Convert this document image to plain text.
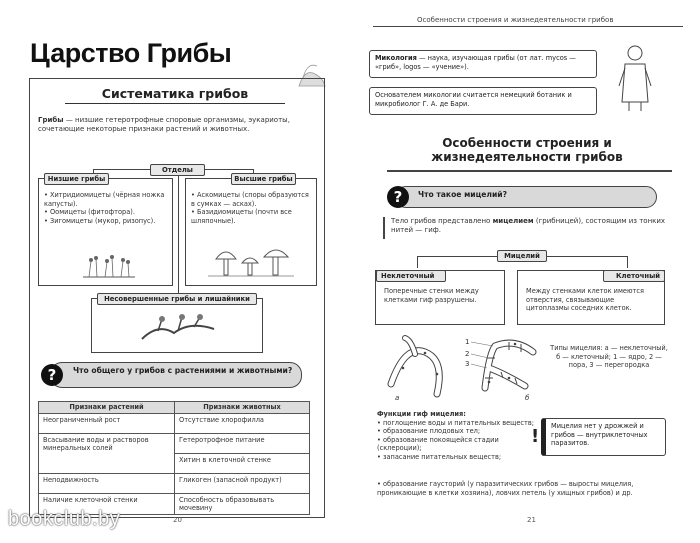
Царство Грибы
Систематика грибов
Грибы — низшие гетеротрофные споровые организмы, эукариоты, сочетающие некоторые признаки растений и животных.
Отделы
Низшие грибы
• Хитридиомицеты (чёрная ножка капусты).
• Оомицеты (фитофтора).
• Зигомицеты (мукор, ризопус).
Высшие грибы
• Аскомицеты (споры образуются в сумках — асках).
• Базидиомицеты (почти все шляпочные).
Несовершенные грибы и лишайники
Что общего у грибов с растениями и животными?
?
Признаки растений	Признаки животных
Неограниченный рост	Отсутствие хлорофилла
Всасывание воды и растворов минеральных солей	Гетеротрофное питание
	Хитин в клеточной стенке
Неподвижность	Гликоген (запасной продукт)
Наличие клеточной стенки	Способность образовывать мочевину
20
Особенности строения и жизнедеятельности грибов
Микология — наука, изучающая грибы (от лат. mycos — «гриб», logos — «учение»).
Основателем микологии считается немецкий ботаник и микробиолог Г. А. де Бари.
Особенности строения и жизнедеятельности грибов
Что такое мицелий?
?
Тело грибов представлено мицелием (грибницей), состоящим из тонких нитей — гиф.
Мицелий
Неклеточный
Поперечные стенки между клетками гиф разрушены.
Клеточный
Между стенками клеток имеются отверстия, связывающие цитоплазмы соседних клеток.
1
2
3
а	б
Типы мицелия: а — неклеточный, б — клеточный; 1 — ядро, 2 — пора, 3 — перегородка
Функции гиф мицелия:
• поглощение воды и питательных веществ;
• образование плодовых тел;
• образование покоящейся стадии (склероции);
• запасание питательных веществ;
• образование гаусторий (у паразитических грибов — выросты мицелия, проникающие в клетки хозяина), ловчих петель (у хищных грибов) и др.
Мицелия нет у дрожжей и грибов — внутриклеточных паразитов.
!
21
bookclub.by
